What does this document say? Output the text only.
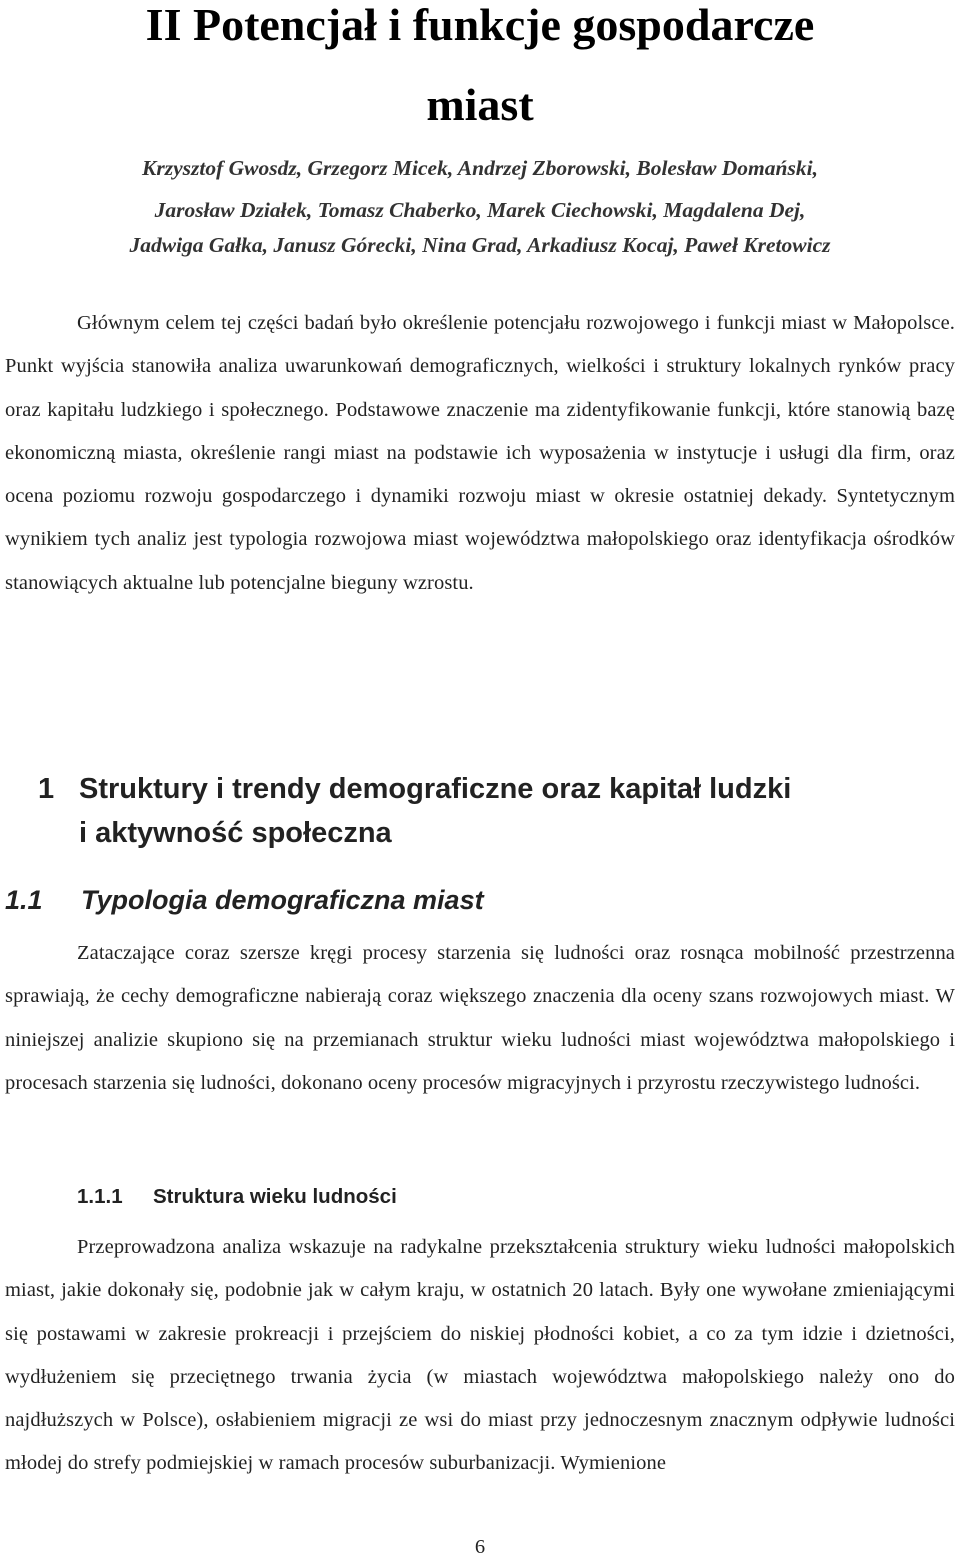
II Potencjał i funkcje gospodarcze
miast
Krzysztof Gwosdz, Grzegorz Micek, Andrzej Zborowski, Bolesław Domański,
Jarosław Działek, Tomasz Chaberko, Marek Ciechowski, Magdalena Dej,
Jadwiga Gałka, Janusz Górecki, Nina Grad, Arkadiusz Kocaj, Paweł Kretowicz
Głównym celem tej części badań było określenie potencjału rozwojowego i funkcji miast w Małopolsce. Punkt wyjścia stanowiła analiza uwarunkowań demograficznych, wielkości i struktury lokalnych rynków pracy oraz kapitału ludzkiego i społecznego. Podstawowe znaczenie ma zidentyfikowanie funkcji, które stanowią bazę ekonomiczną miasta, określenie rangi miast na podstawie ich wyposażenia w instytucje i usługi dla firm, oraz ocena poziomu rozwoju gospodarczego i dynamiki rozwoju miast w okresie ostatniej dekady. Syntetycznym wynikiem tych analiz jest typologia rozwojowa miast województwa małopolskiego oraz identyfikacja ośrodków stanowiących aktualne lub potencjalne bieguny wzrostu.
1 Struktury i trendy demograficzne oraz kapitał ludzki
i aktywność społeczna
1.1 Typologia demograficzna miast
Zataczające coraz szersze kręgi procesy starzenia się ludności oraz rosnąca mobilność przestrzenna sprawiają, że cechy demograficzne nabierają coraz większego znaczenia dla oceny szans rozwojowych miast. W niniejszej analizie skupiono się na przemianach struktur wieku ludności miast województwa małopolskiego i procesach starzenia się ludności, dokonano oceny procesów migracyjnych i przyrostu rzeczywistego ludności.
1.1.1 Struktura wieku ludności
Przeprowadzona analiza wskazuje na radykalne przekształcenia struktury wieku ludności małopolskich miast, jakie dokonały się, podobnie jak w całym kraju, w ostatnich 20 latach. Były one wywołane zmieniającymi się postawami w zakresie prokreacji i przejściem do niskiej płodności kobiet, a co za tym idzie i dzietności, wydłużeniem się przeciętnego trwania życia (w miastach województwa małopolskiego należy ono do najdłuższych w Polsce), osłabieniem migracji ze wsi do miast przy jednoczesnym znacznym odpływie ludności młodej do strefy podmiejskiej w ramach procesów suburbanizacji. Wymienione
6
